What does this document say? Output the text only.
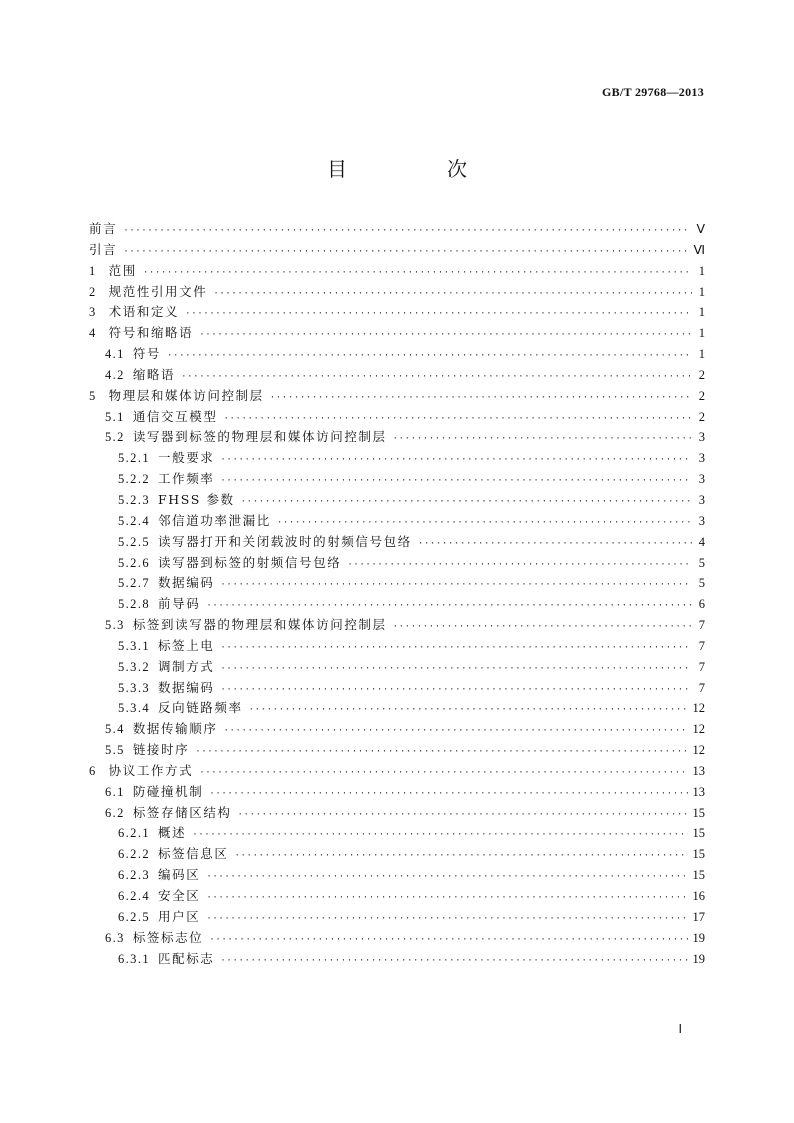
GB/T 29768—2013
目　次
前言 ·····	Ⅴ
引言 ·····	Ⅵ
1 范围 ·····	1
2 规范性引用文件 ·····	1
3 术语和定义 ·····	1
4 符号和缩略语 ·····	1
4.1 符号 ·····	1
4.2 缩略语 ·····	2
5 物理层和媒体访问控制层 ·····	2
5.1 通信交互模型 ·····	2
5.2 读写器到标签的物理层和媒体访问控制层 ·····	3
5.2.1 一般要求 ·····	3
5.2.2 工作频率 ·····	3
5.2.3 FHSS 参数 ·····	3
5.2.4 邻信道功率泄漏比 ·····	3
5.2.5 读写器打开和关闭载波时的射频信号包络 ·····	4
5.2.6 读写器到标签的射频信号包络 ·····	5
5.2.7 数据编码 ·····	5
5.2.8 前导码 ·····	6
5.3 标签到读写器的物理层和媒体访问控制层 ·····	7
5.3.1 标签上电 ·····	7
5.3.2 调制方式 ·····	7
5.3.3 数据编码 ·····	7
5.3.4 反向链路频率 ·····	12
5.4 数据传输顺序 ·····	12
5.5 链接时序 ·····	12
6 协议工作方式 ·····	13
6.1 防碰撞机制 ·····	13
6.2 标签存储区结构 ·····	15
6.2.1 概述 ·····	15
6.2.2 标签信息区 ·····	15
6.2.3 编码区 ·····	15
6.2.4 安全区 ·····	16
6.2.5 用户区 ·····	17
6.3 标签标志位 ·····	19
6.3.1 匹配标志 ·····	19
Ⅰ
